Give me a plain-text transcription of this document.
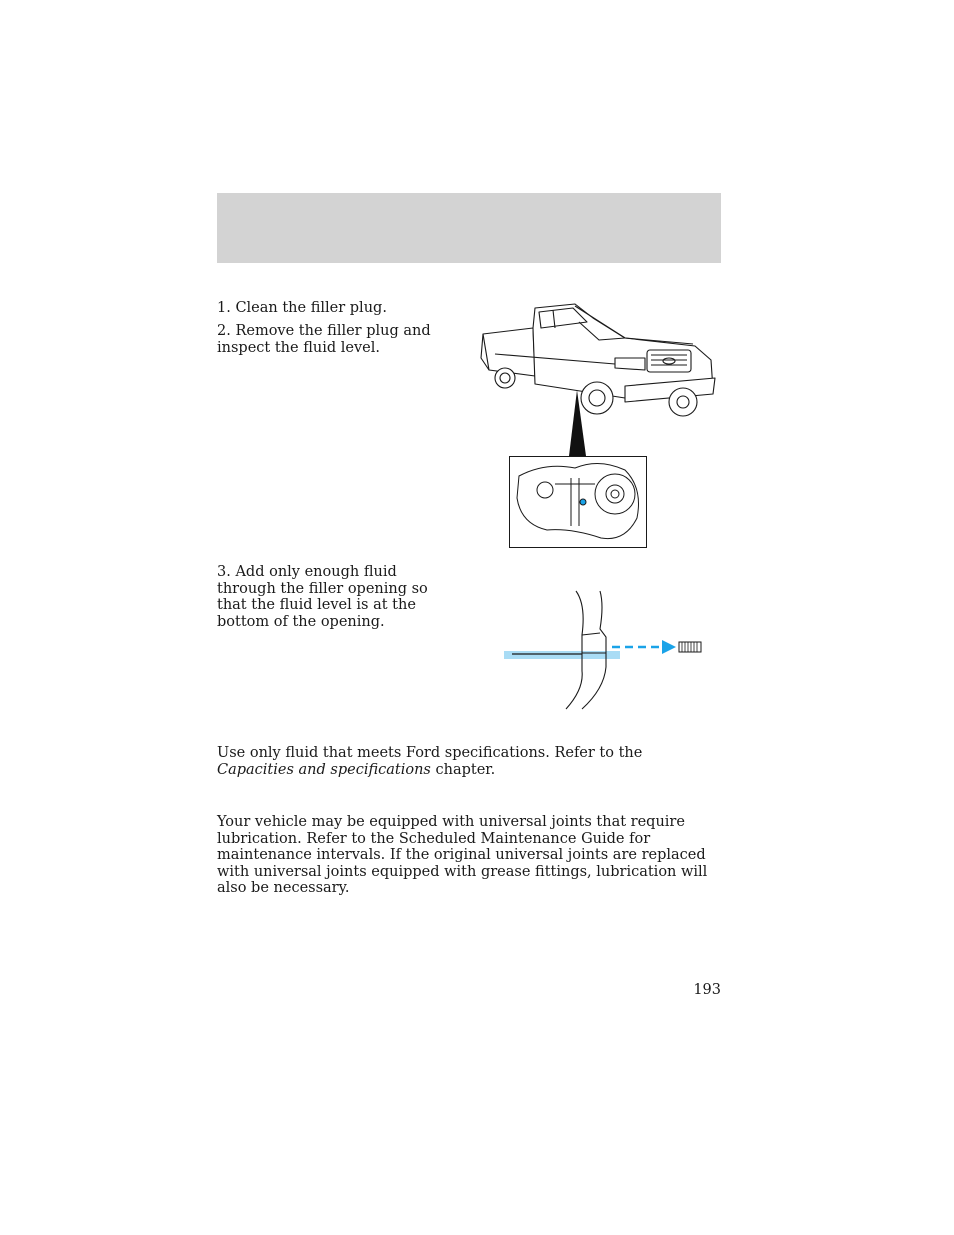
1. Clean the filler plug.

2. Remove the filler plug and inspect the fluid level.

3. Add only enough fluid through the filler opening so that the fluid level is at the bottom of the opening.

Use only fluid that meets Ford specifications. Refer to the Capacities and specifications chapter.

Your vehicle may be equipped with universal joints that require lubrication. Refer to the Scheduled Maintenance Guide for maintenance intervals. If the original universal joints are replaced with universal joints equipped with grease fittings, lubrication will also be necessary.

193
